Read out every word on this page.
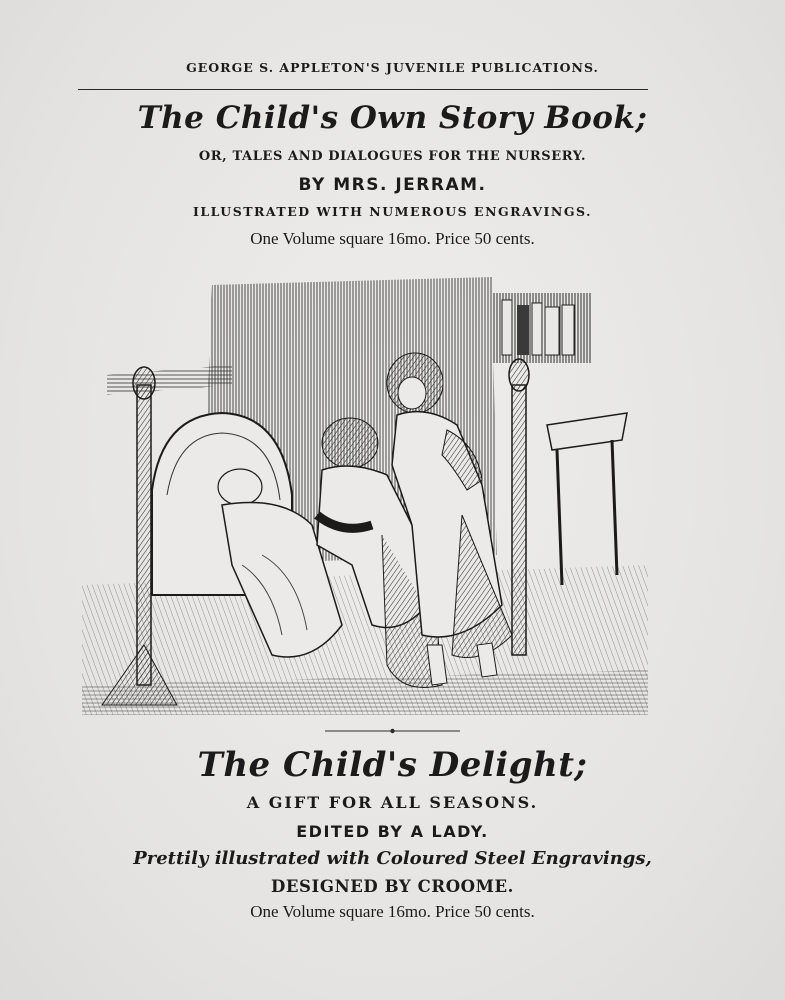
GEORGE S. APPLETON'S JUVENILE PUBLICATIONS.
The Child's Own Story Book;
OR, TALES AND DIALOGUES FOR THE NURSERY.
BY MRS. JERRAM.
ILLUSTRATED WITH NUMEROUS ENGRAVINGS.
One Volume square 16mo. Price 50 cents.
The Child's Delight;
A GIFT FOR ALL SEASONS.
EDITED BY A LADY.
Prettily illustrated with Coloured Steel Engravings,
DESIGNED BY CROOME.
One Volume square 16mo. Price 50 cents.
